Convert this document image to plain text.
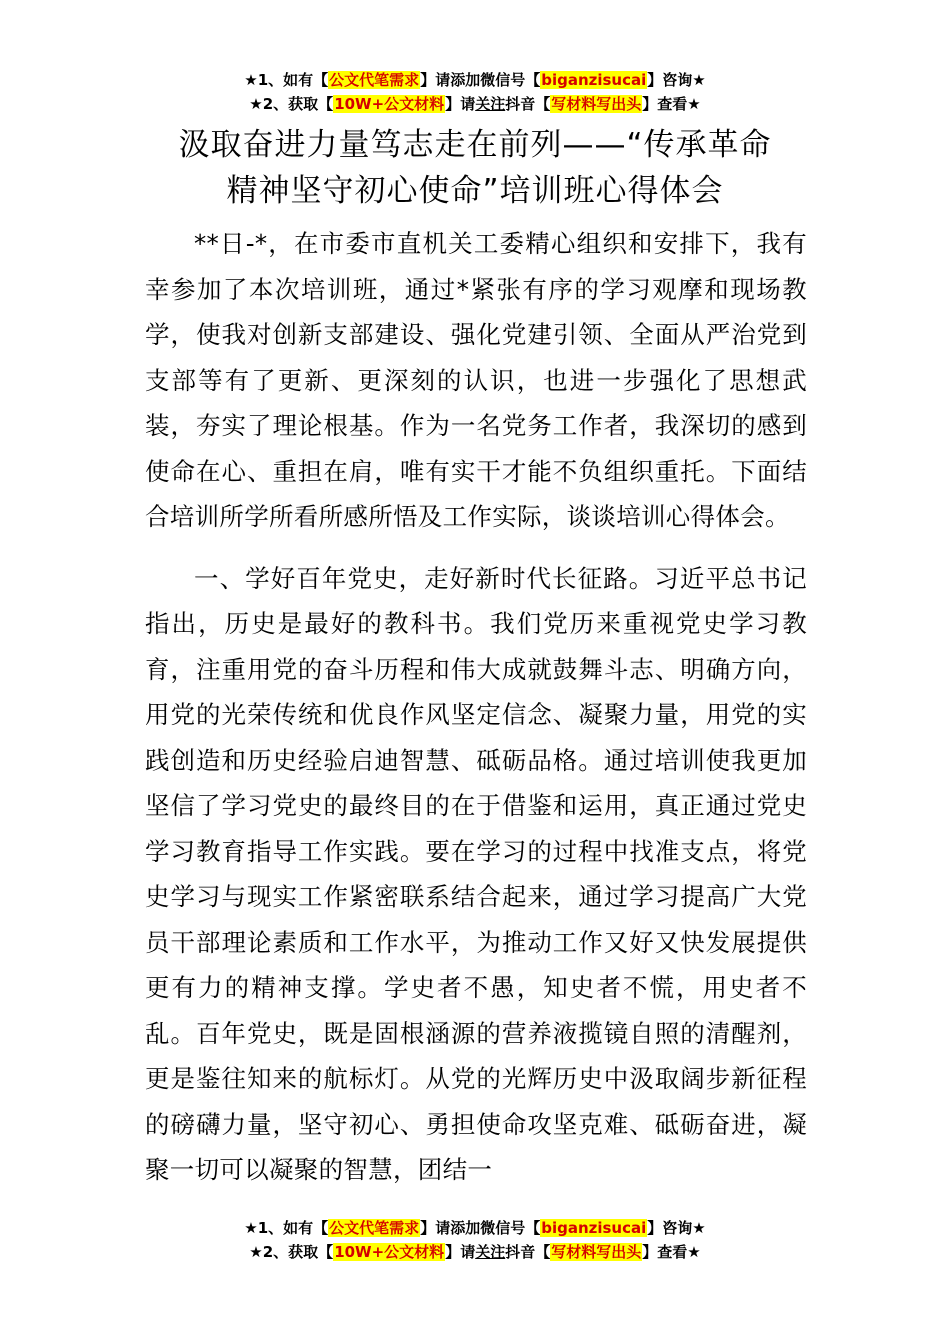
★1、如有【公文代笔需求】请添加微信号【biganzisucai】咨询★
★2、获取【10W+公文材料】请关注抖音【写材料写出头】查看★
汲取奋进力量笃志走在前列——“传承革命
精神坚守初心使命”培训班心得体会

**日-*，在市委市直机关工委精心组织和安排下，我有幸参加了本次培训班，通过*紧张有序的学习观摩和现场教学，使我对创新支部建设、强化党建引领、全面从严治党到支部等有了更新、更深刻的认识，也进一步强化了思想武装，夯实了理论根基。作为一名党务工作者，我深切的感到使命在心、重担在肩，唯有实干才能不负组织重托。下面结合培训所学所看所感所悟及工作实际，谈谈培训心得体会。

一、学好百年党史，走好新时代长征路。习近平总书记指出，历史是最好的教科书。我们党历来重视党史学习教育，注重用党的奋斗历程和伟大成就鼓舞斗志、明确方向，用党的光荣传统和优良作风坚定信念、凝聚力量，用党的实践创造和历史经验启迪智慧、砥砺品格。通过培训使我更加坚信了学习党史的最终目的在于借鉴和运用，真正通过党史学习教育指导工作实践。要在学习的过程中找准支点，将党史学习与现实工作紧密联系结合起来，通过学习提高广大党员干部理论素质和工作水平，为推动工作又好又快发展提供更有力的精神支撑。学史者不愚，知史者不慌，用史者不乱。百年党史，既是固根涵源的营养液揽镜自照的清醒剂，更是鉴往知来的航标灯。从党的光辉历史中汲取阔步新征程的磅礴力量，坚守初心、勇担使命攻坚克难、砥砺奋进，凝聚一切可以凝聚的智慧，团结一

★1、如有【公文代笔需求】请添加微信号【biganzisucai】咨询★
★2、获取【10W+公文材料】请关注抖音【写材料写出头】查看★
